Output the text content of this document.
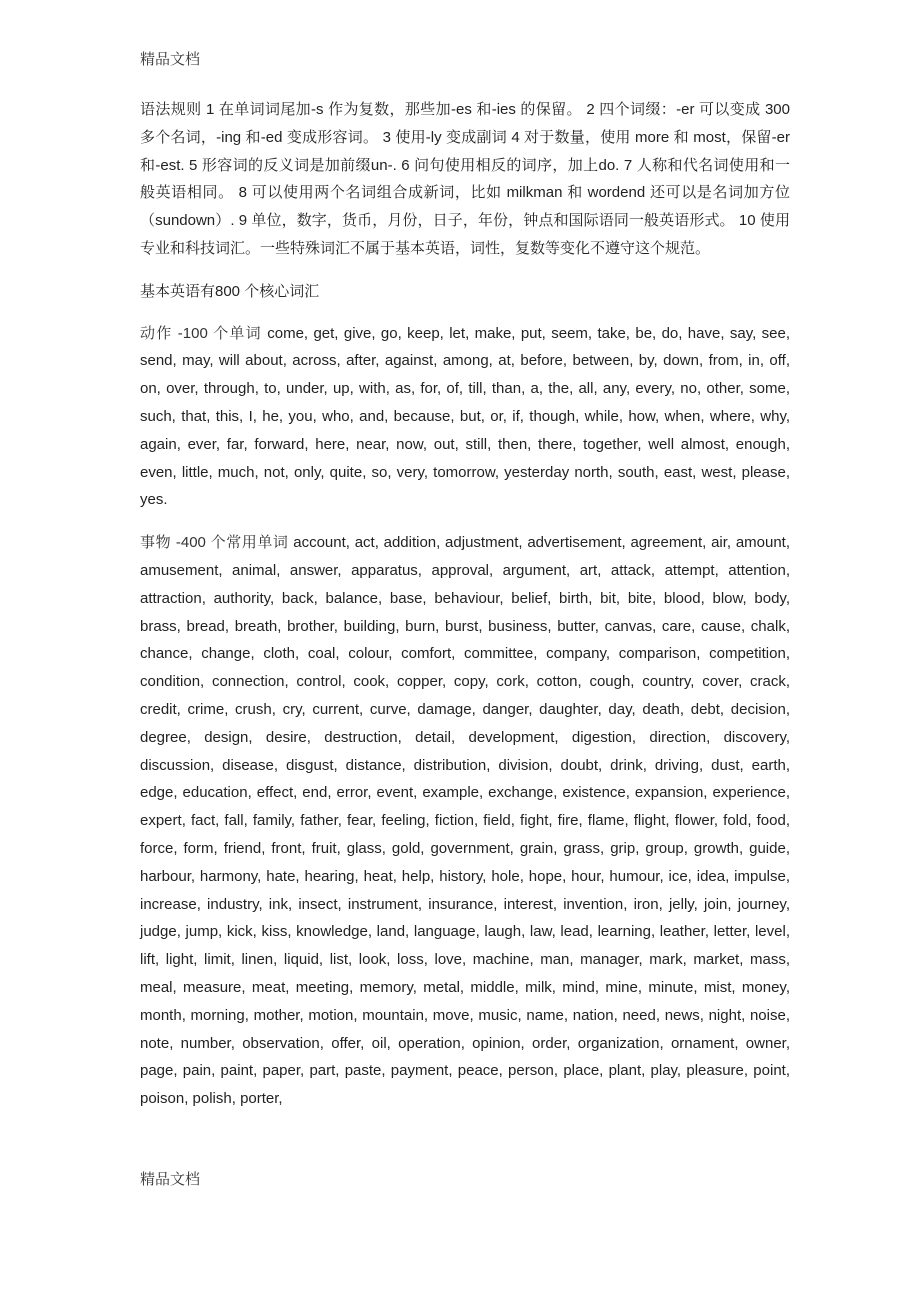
精品文档

语法规则 1 在单词词尾加-s 作为复数，那些加-es 和-ies 的保留。 2 四个词缀：-er 可以变成 300 多个名词，-ing 和-ed 变成形容词。 3 使用-ly 变成副词 4 对于数量，使用 more 和 most，保留-er 和-est. 5 形容词的反义词是加前缀un-. 6 问句使用相反的词序，加上do. 7 人称和代名词使用和一般英语相同。 8 可以使用两个名词组合成新词，比如 milkman 和 wordend 还可以是名词加方位（sundown）. 9 单位，数字，货币，月份，日子，年份，钟点和国际语同一般英语形式。 10 使用专业和科技词汇。一些特殊词汇不属于基本英语，词性，复数等变化不遵守这个规范。

基本英语有800 个核心词汇

动作 -100 个单词 come, get, give, go, keep, let, make, put, seem, take, be, do, have, say, see, send, may, will about, across, after, against, among, at, before, between, by, down, from, in, off, on, over, through, to, under, up, with, as, for, of, till, than, a, the, all, any, every, no, other, some, such, that, this, I, he, you, who, and, because, but, or, if, though, while, how, when, where, why, again, ever, far, forward, here, near, now, out, still, then, there, together, well almost, enough, even, little, much, not, only, quite, so, very, tomorrow, yesterday north, south, east, west, please, yes.

事物 -400 个常用单词 account, act, addition, adjustment, advertisement, agreement, air, amount, amusement, animal, answer, apparatus, approval, argument, art, attack, attempt, attention, attraction, authority, back, balance, base, behaviour, belief, birth, bit, bite, blood, blow, body, brass, bread, breath, brother, building, burn, burst, business, butter, canvas, care, cause, chalk, chance, change, cloth, coal, colour, comfort, committee, company, comparison, competition, condition, connection, control, cook, copper, copy, cork, cotton, cough, country, cover, crack, credit, crime, crush, cry, current, curve, damage, danger, daughter, day, death, debt, decision, degree, design, desire, destruction, detail, development, digestion, direction, discovery, discussion, disease, disgust, distance, distribution, division, doubt, drink, driving, dust, earth, edge, education, effect, end, error, event, example, exchange, existence, expansion, experience, expert, fact, fall, family, father, fear, feeling, fiction, field, fight, fire, flame, flight, flower, fold, food, force, form, friend, front, fruit, glass, gold, government, grain, grass, grip, group, growth, guide, harbour, harmony, hate, hearing, heat, help, history, hole, hope, hour, humour, ice, idea, impulse, increase, industry, ink, insect, instrument, insurance, interest, invention, iron, jelly, join, journey, judge, jump, kick, kiss, knowledge, land, language, laugh, law, lead, learning, leather, letter, level, lift, light, limit, linen, liquid, list, look, loss, love, machine, man, manager, mark, market, mass, meal, measure, meat, meeting, memory, metal, middle, milk, mind, mine, minute, mist, money, month, morning, mother, motion, mountain, move, music, name, nation, need, news, night, noise, note, number, observation, offer, oil, operation, opinion, order, organization, ornament, owner, page, pain, paint, paper, part, paste, payment, peace, person, place, plant, play, pleasure, point, poison, polish, porter,

精品文档
